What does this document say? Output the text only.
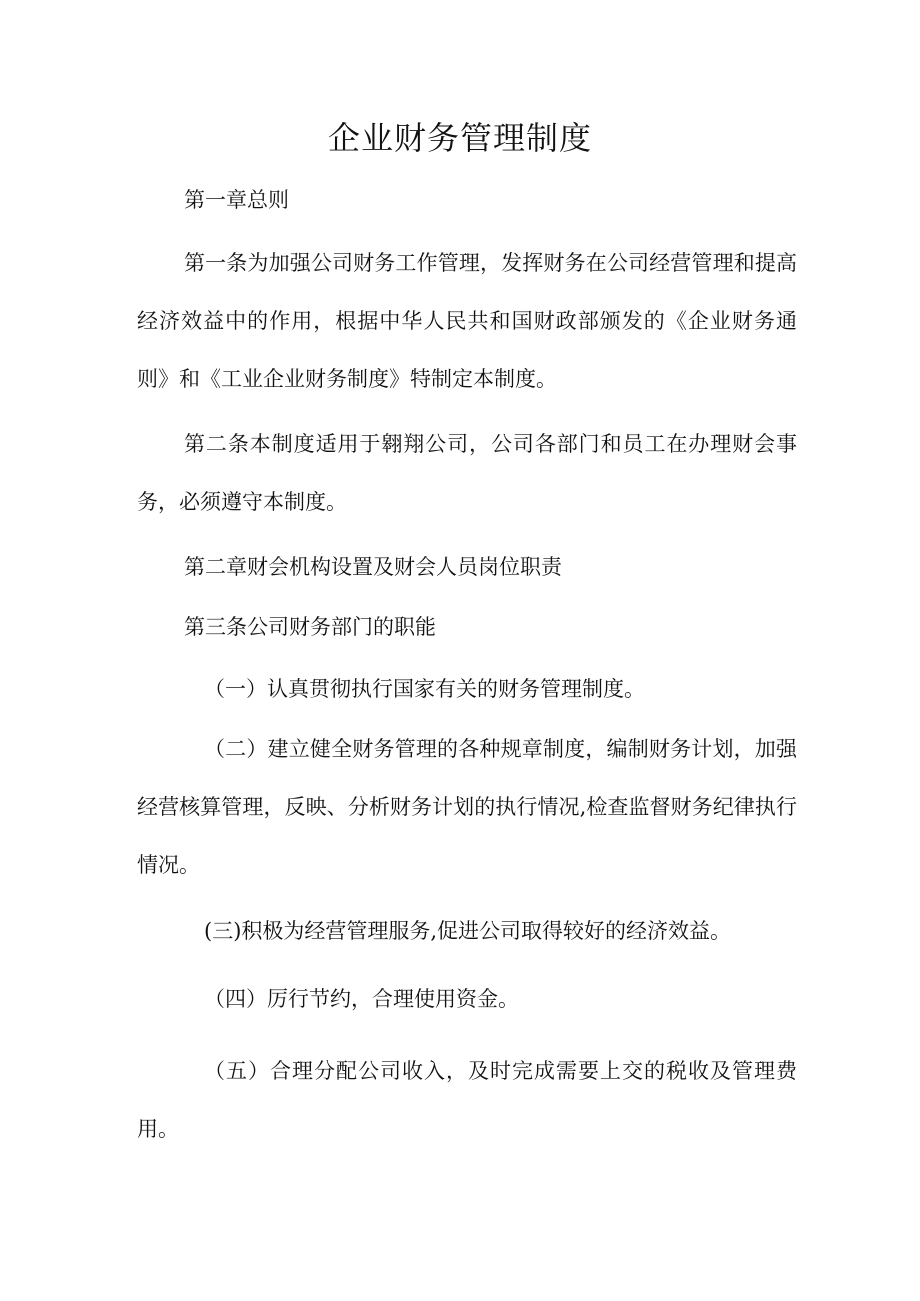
企业财务管理制度

第一章总则

第一条为加强公司财务工作管理，发挥财务在公司经营管理和提高经济效益中的作用，根据中华人民共和国财政部颁发的《企业财务通则》和《工业企业财务制度》特制定本制度。

第二条本制度适用于翱翔公司，公司各部门和员工在办理财会事务，必须遵守本制度。

第二章财会机构设置及财会人员岗位职责

第三条公司财务部门的职能

（一）认真贯彻执行国家有关的财务管理制度。

（二）建立健全财务管理的各种规章制度，编制财务计划，加强经营核算管理，反映、分析财务计划的执行情况,检查监督财务纪律执行情况。

(三)积极为经营管理服务,促进公司取得较好的经济效益。

（四）厉行节约，合理使用资金。

（五）合理分配公司收入，及时完成需要上交的税收及管理费用。
